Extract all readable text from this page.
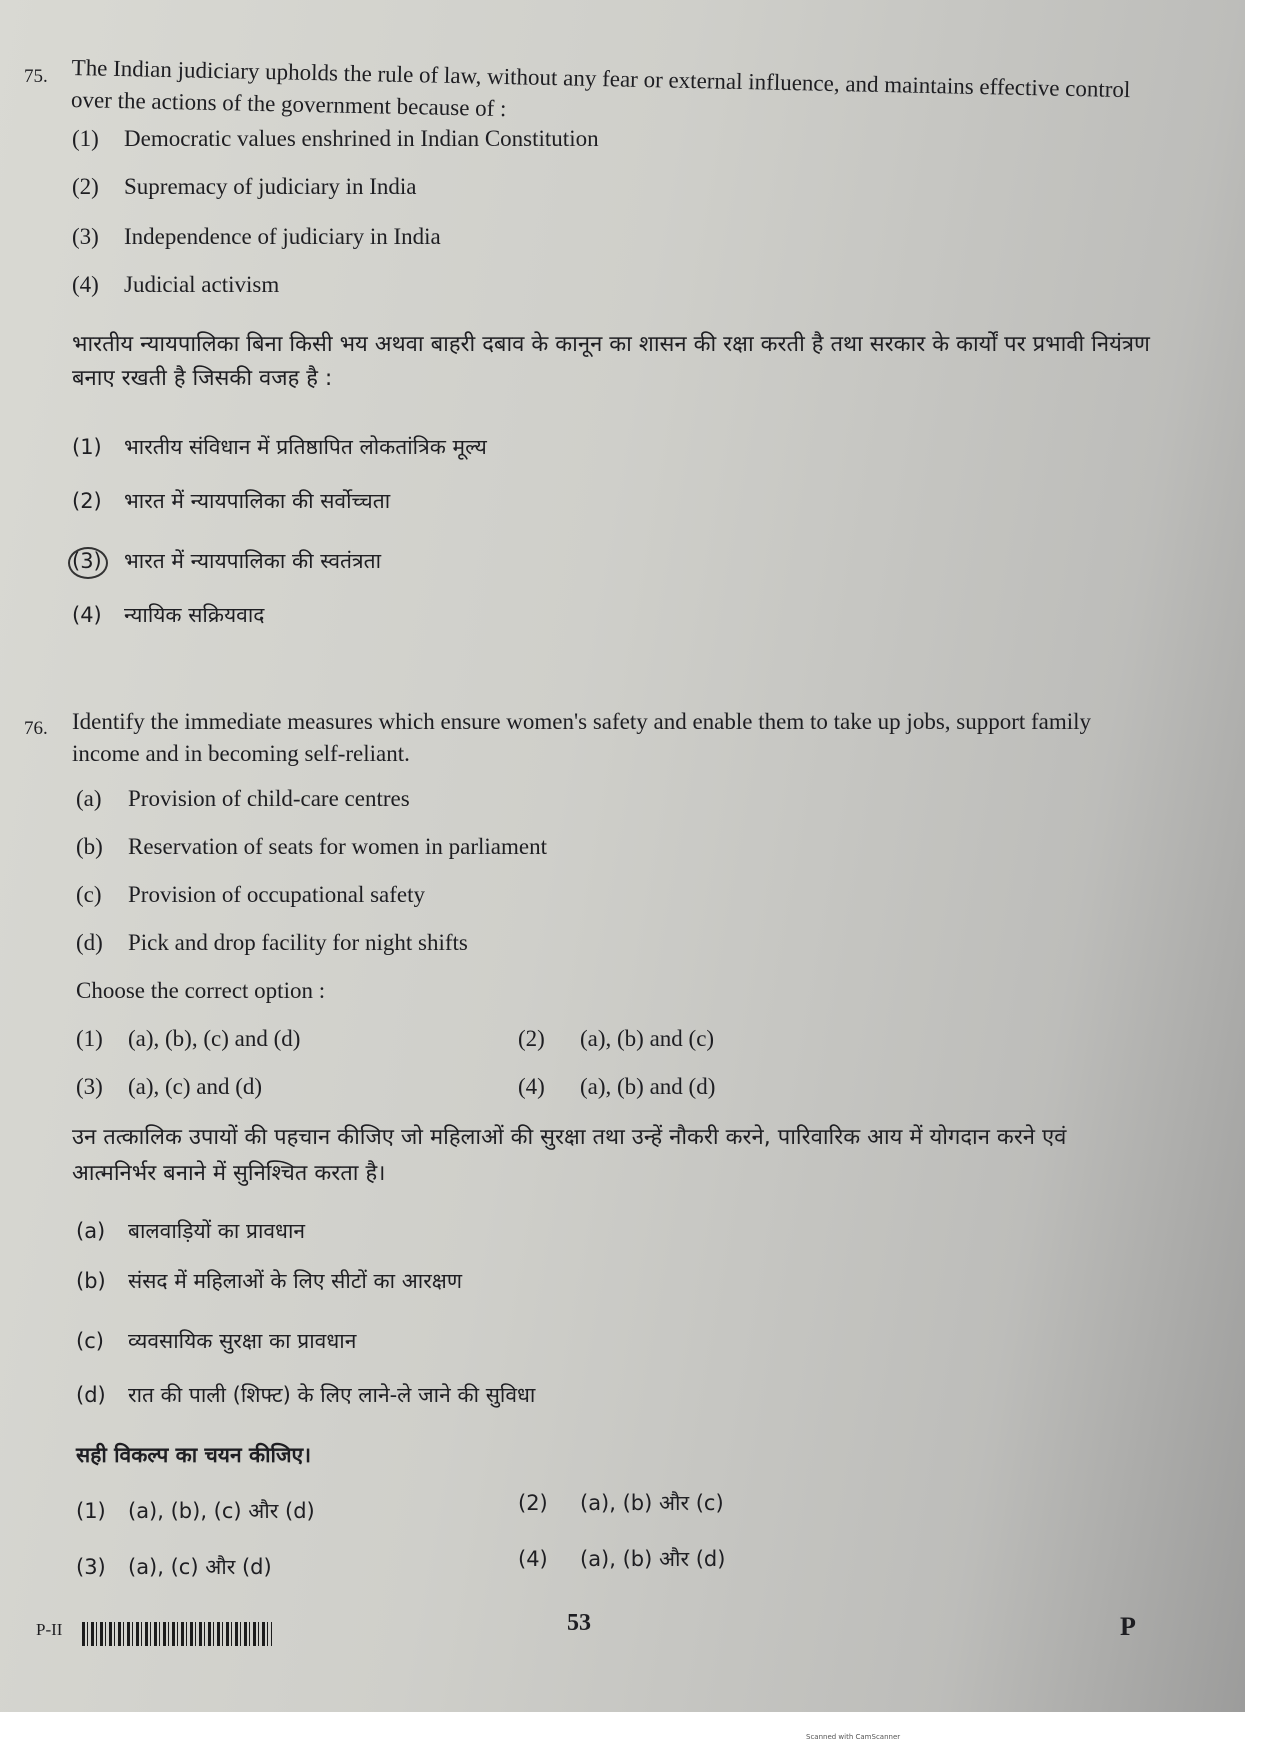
75. The Indian judiciary upholds the rule of law, without any fear or external influence, and maintains effective control over the actions of the government because of :
(1) Democratic values enshrined in Indian Constitution
(2) Supremacy of judiciary in India
(3) Independence of judiciary in India
(4) Judicial activism
भारतीय न्यायपालिका बिना किसी भय अथवा बाहरी दबाव के कानून का शासन की रक्षा करती है तथा सरकार के कार्यों पर प्रभावी नियंत्रण बनाए रखती है जिसकी वजह है :
(1) भारतीय संविधान में प्रतिष्ठापित लोकतांत्रिक मूल्य
(2) भारत में न्यायपालिका की सर्वोच्चता
(3) भारत में न्यायपालिका की स्वतंत्रता
(4) न्यायिक सक्रियवाद
76. Identify the immediate measures which ensure women's safety and enable them to take up jobs, support family income and in becoming self-reliant.
(a) Provision of child-care centres
(b) Reservation of seats for women in parliament
(c) Provision of occupational safety
(d) Pick and drop facility for night shifts
Choose the correct option :
(1) (a), (b), (c) and (d)	(2) (a), (b) and (c)
(3) (a), (c) and (d)	(4) (a), (b) and (d)
उन तत्कालिक उपायों की पहचान कीजिए जो महिलाओं की सुरक्षा तथा उन्हें नौकरी करने, पारिवारिक आय में योगदान करने एवं आत्मनिर्भर बनाने में सुनिश्चित करता है।
(a) बालवाड़ियों का प्रावधान
(b) संसद में महिलाओं के लिए सीटों का आरक्षण
(c) व्यवसायिक सुरक्षा का प्रावधान
(d) रात की पाली (शिफ्ट) के लिए लाने-ले जाने की सुविधा
सही विकल्प का चयन कीजिए।
(1) (a), (b), (c) और (d)	(2) (a), (b) और (c)
(3) (a), (c) और (d)	(4) (a), (b) और (d)
P-II	53	P
Scanned with CamScanner
